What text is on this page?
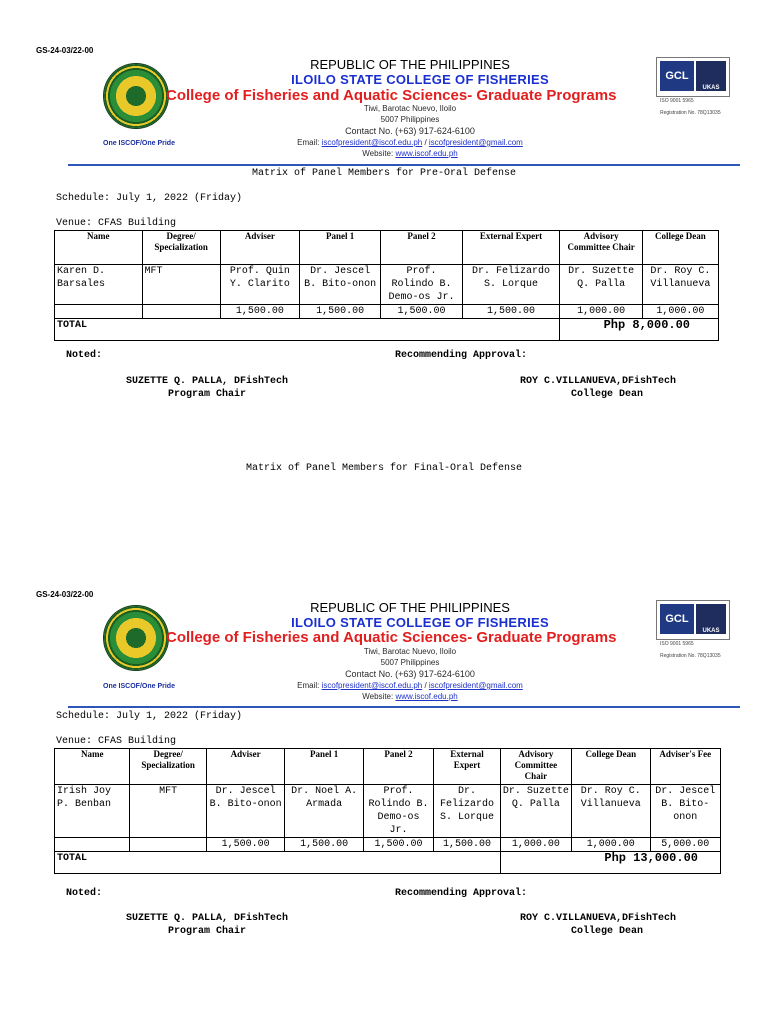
GS-24-03/22-00
One ISCOF/One Pride
REPUBLIC OF THE PHILIPPINES
ILOILO STATE COLLEGE OF FISHERIES
College of Fisheries and Aquatic Sciences- Graduate Programs
Tiwi, Barotac Nuevo, Iloilo
5007 Philippines
Contact No. (+63) 917-624-6100
Email: iscofpresident@iscof.edu.ph / iscofpresident@gmail.com
Website: www.iscof.edu.ph
GCL
UKAS
ISO 9001 5965
Registration No. 78Q13035
Matrix of Panel Members for Pre-Oral Defense
Schedule: July 1, 2022 (Friday)
Venue: CFAS Building
Name	Degree/ Specialization	Adviser	Panel 1	Panel 2	External Expert	Advisory Committee Chair	College Dean
Karen D. Barsales	MFT	Prof. Quin Y. Clarito	Dr. Jescel B. Bito-onon	Prof. Rolindo B. Demo-os Jr.	Dr. Felizardo S. Lorque	Dr. Suzette Q. Palla	Dr. Roy C. Villanueva
		1,500.00	1,500.00	1,500.00	1,500.00	1,000.00	1,000.00
TOTAL						Php 8,000.00	
Noted:	Recommending Approval:
SUZETTE Q. PALLA, DFishTech
Program Chair
ROY C.VILLANUEVA,DFishTech
College Dean
Matrix of Panel Members for Final-Oral Defense
GS-24-03/22-00
One ISCOF/One Pride
REPUBLIC OF THE PHILIPPINES
ILOILO STATE COLLEGE OF FISHERIES
College of Fisheries and Aquatic Sciences- Graduate Programs
Tiwi, Barotac Nuevo, Iloilo
5007 Philippines
Contact No. (+63) 917-624-6100
Email: iscofpresident@iscof.edu.ph / iscofpresident@gmail.com
Website: www.iscof.edu.ph
GCL
UKAS
ISO 9001 5965
Registration No. 78Q13035
Schedule: July 1, 2022 (Friday)
Venue: CFAS Building
Name	Degree/ Specialization	Adviser	Panel 1	Panel 2	External Expert	Advisory Committee Chair	College Dean	Adviser's Fee
Irish Joy P. Benban	MFT	Dr. Jescel B. Bito-onon	Dr. Noel A. Armada	Prof. Rolindo B. Demo-os Jr.	Dr. Felizardo S. Lorque	Dr. Suzette Q. Palla	Dr. Roy C. Villanueva	Dr. Jescel B. Bito-onon
		1,500.00	1,500.00	1,500.00	1,500.00	1,000.00	1,000.00	5,000.00
TOTAL						Php 13,000.00		
Noted:	Recommending Approval:
SUZETTE Q. PALLA, DFishTech
Program Chair
ROY C.VILLANUEVA,DFishTech
College Dean
